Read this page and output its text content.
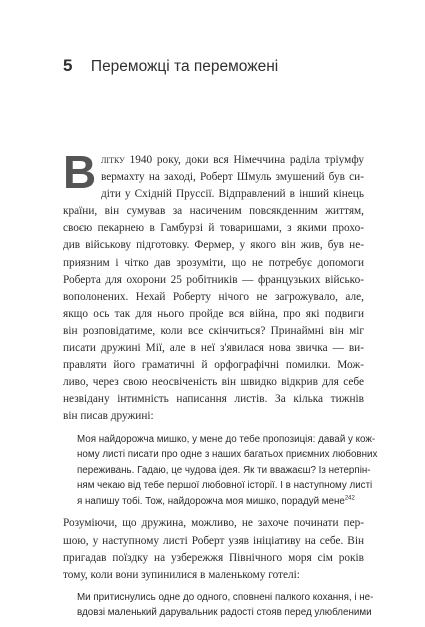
5 Переможці та переможені
В літку 1940 року, доки вся Німеччина раділа тріумфу
вермахту на заході, Роберт Шмуль змушений був си-
діти у Східній Пруссії. Відправлений в інший кінець
країни, він сумував за насиченим повсякденним життям,
своєю пекарнею в Гамбурзі й товаришами, з якими прохо-
див військову підготовку. Фермер, у якого він жив, був не-
приязним і чітко дав зрозуміти, що не потребує допомоги
Роберта для охорони 25 робітників — французьких військо-
вополонених. Нехай Роберту нічого не загрожувало, але,
якщо ось так для нього пройде вся війна, про які подвиги
він розповідатиме, коли все скінчиться? Принаймні він міг
писати дружині Мії, але в неї з'явилася нова звичка — ви-
правляти його граматичні й орфографічні помилки. Мож-
ливо, через свою неосвіченість він швидко відкрив для себе
незвідану інтимність написання листів. За кілька тижнів
він писав дружині:
Моя найдорожча мишко, у мене до тебе пропозиція: давай у кож-
ному листі писати про одне з наших багатьох приємних любовних
переживань. Гадаю, це чудова ідея. Як ти вважаєш? Із нетерпін-
ням чекаю від тебе першої любовної історії. І в наступному листі
я напишу тобі. Тож, найдорожча моя мишко, порадуй мене$^{242}$
Розуміючи, що дружина, можливо, не захоче починати пер-
шою, у наступному листі Роберт узяв ініціативу на себе. Він
пригадав поїздку на узбережжя Північного моря сім років
тому, коли вони зупинилися в маленькому готелі:
Ми притиснулись одне до одного, сповнені палкого кохання, і не-
вдовзі маленький дарувальник радості стояв перед улюбленими
